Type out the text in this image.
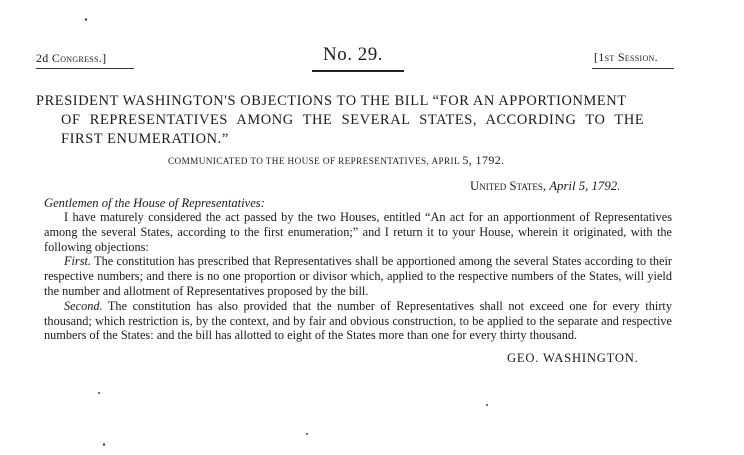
2d Congress.]	No. 29.	[1st Session.
PRESIDENT WASHINGTON'S OBJECTIONS TO THE BILL “FOR AN APPORTIONMENT
OF REPRESENTATIVES AMONG THE SEVERAL STATES, ACCORDING TO THE
FIRST ENUMERATION.”
COMMUNICATED TO THE HOUSE OF REPRESENTATIVES, APRIL 5, 1792.
United States, April 5, 1792.
Gentlemen of the House of Representatives:

I have maturely considered the act passed by the two Houses, entitled “An act for an apportionment of Representatives among the several States, according to the first enumeration;” and I return it to your House, wherein it originated, with the following objections:

First. The constitution has prescribed that Representatives shall be apportioned among the several States according to their respective numbers; and there is no one proportion or divisor which, applied to the respective numbers of the States, will yield the number and allotment of Representatives proposed by the bill.

Second. The constitution has also provided that the number of Representatives shall not exceed one for every thirty thousand; which restriction is, by the context, and by fair and obvious construction, to be applied to the separate and respective numbers of the States: and the bill has allotted to eight of the States more than one for every thirty thousand.

GEO. WASHINGTON.
